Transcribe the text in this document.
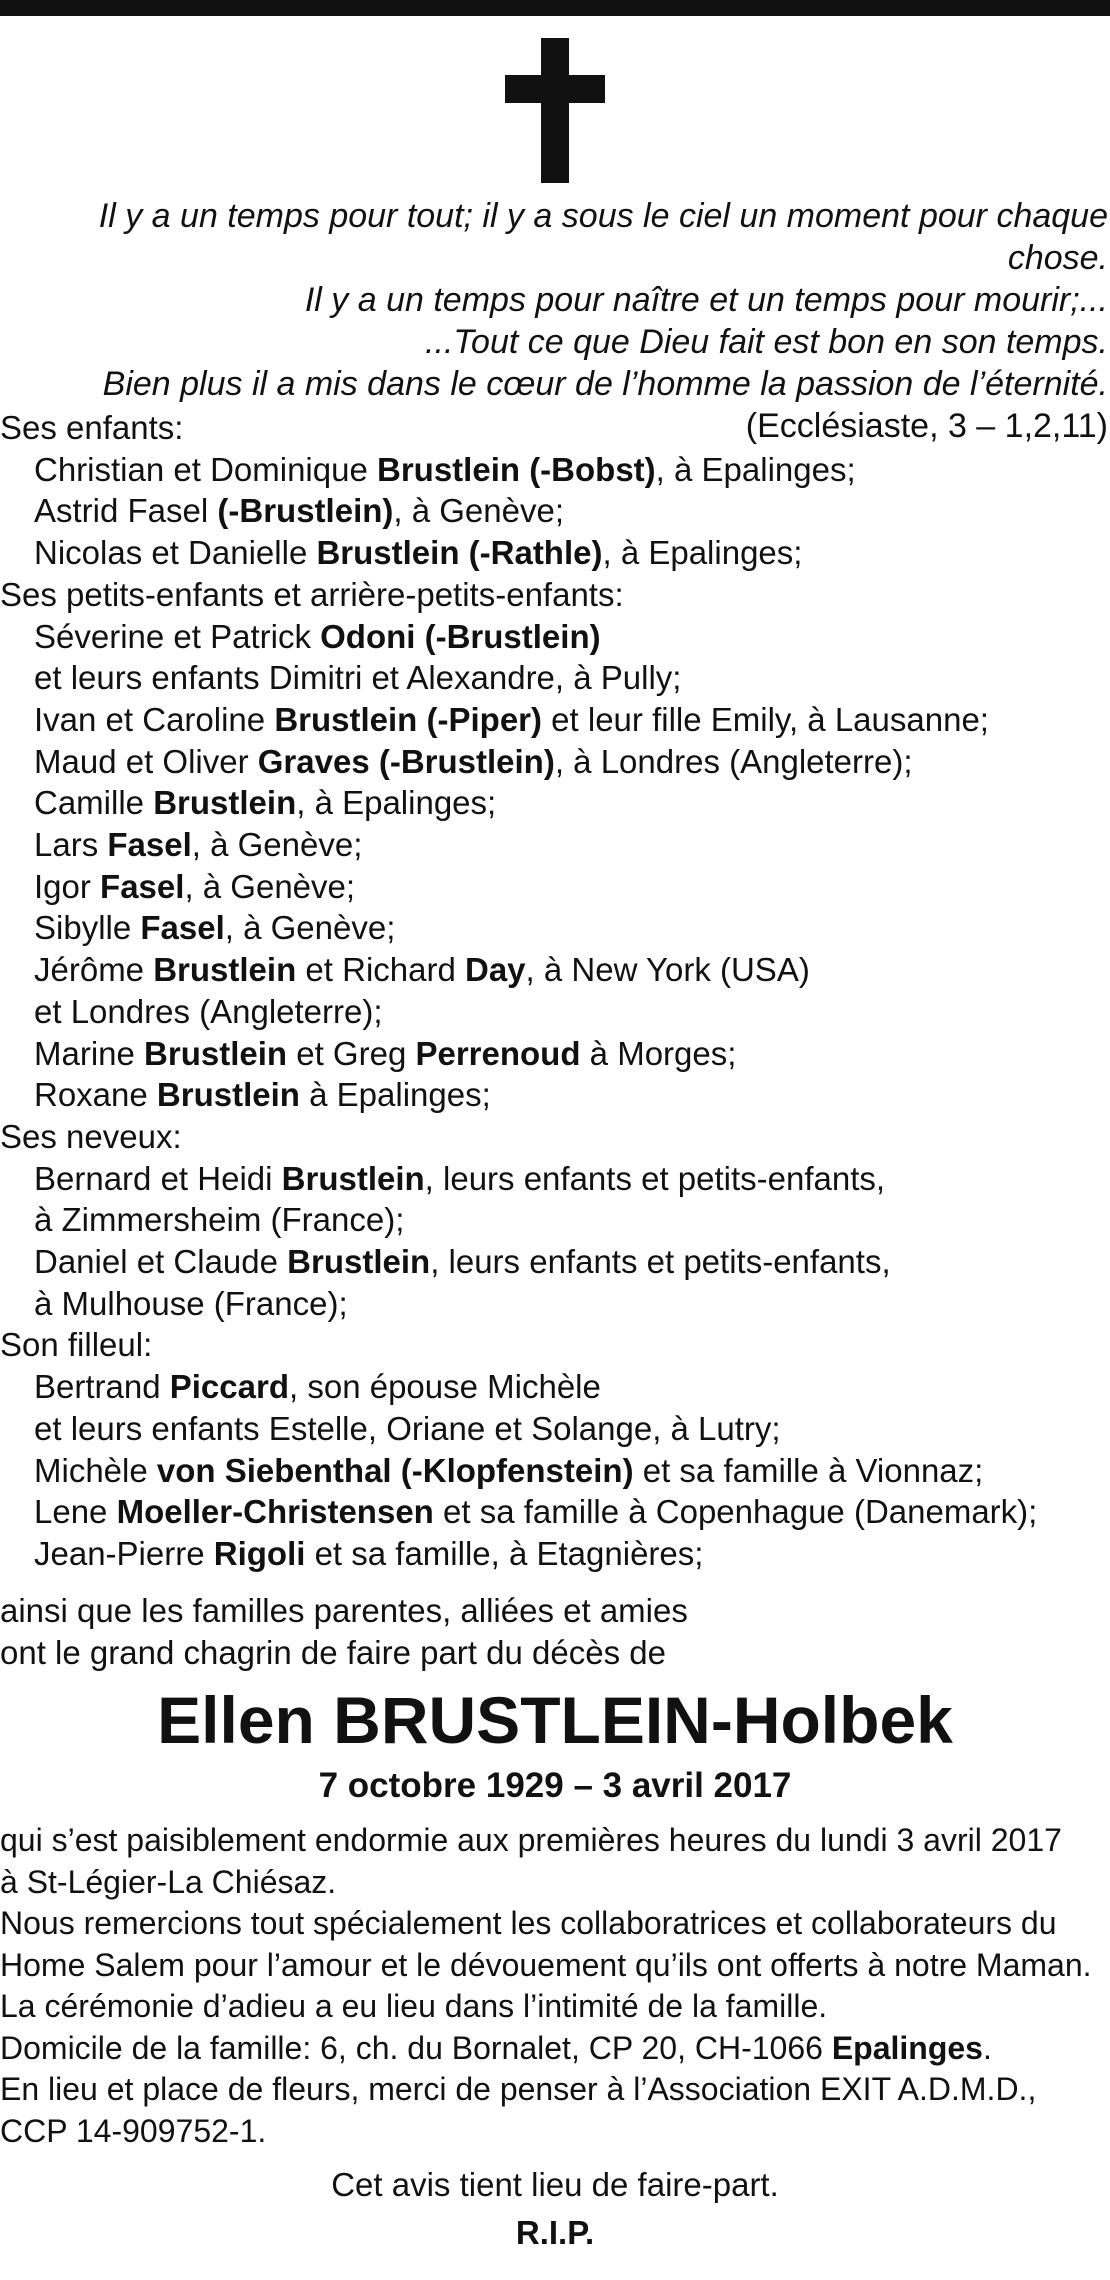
Il y a un temps pour tout; il y a sous le ciel un moment pour chaque chose.
Il y a un temps pour naître et un temps pour mourir;...
...Tout ce que Dieu fait est bon en son temps.
Bien plus il a mis dans le cœur de l’homme la passion de l’éternité.
(Ecclésiaste, 3 – 1,2,11)
Ses enfants:
Christian et Dominique Brustlein (-Bobst), à Epalinges;
Astrid Fasel (-Brustlein), à Genève;
Nicolas et Danielle Brustlein (-Rathle), à Epalinges;
Ses petits-enfants et arrière-petits-enfants:
Séverine et Patrick Odoni (-Brustlein)
et leurs enfants Dimitri et Alexandre, à Pully;
Ivan et Caroline Brustlein (-Piper) et leur fille Emily, à Lausanne;
Maud et Oliver Graves (-Brustlein), à Londres (Angleterre);
Camille Brustlein, à Epalinges;
Lars Fasel, à Genève;
Igor Fasel, à Genève;
Sibylle Fasel, à Genève;
Jérôme Brustlein et Richard Day, à New York (USA)
et Londres (Angleterre);
Marine Brustlein et Greg Perrenoud à Morges;
Roxane Brustlein à Epalinges;
Ses neveux:
Bernard et Heidi Brustlein, leurs enfants et petits-enfants,
à Zimmersheim (France);
Daniel et Claude Brustlein, leurs enfants et petits-enfants,
à Mulhouse (France);
Son filleul:
Bertrand Piccard, son épouse Michèle
et leurs enfants Estelle, Oriane et Solange, à Lutry;
Michèle von Siebenthal (-Klopfenstein) et sa famille à Vionnaz;
Lene Moeller-Christensen et sa famille à Copenhague (Danemark);
Jean-Pierre Rigoli et sa famille, à Etagnières;
ainsi que les familles parentes, alliées et amies
ont le grand chagrin de faire part du décès de
Ellen BRUSTLEIN-Holbek
7 octobre 1929 – 3 avril 2017
qui s’est paisiblement endormie aux premières heures du lundi 3 avril 2017
à St-Légier-La Chiésaz.
Nous remercions tout spécialement les collaboratrices et collaborateurs du
Home Salem pour l’amour et le dévouement qu’ils ont offerts à notre Maman.
La cérémonie d’adieu a eu lieu dans l’intimité de la famille.
Domicile de la famille: 6, ch. du Bornalet, CP 20, CH-1066 Epalinges.
En lieu et place de fleurs, merci de penser à l’Association EXIT A.D.M.D.,
CCP 14-909752-1.
Cet avis tient lieu de faire-part.
R.I.P.
